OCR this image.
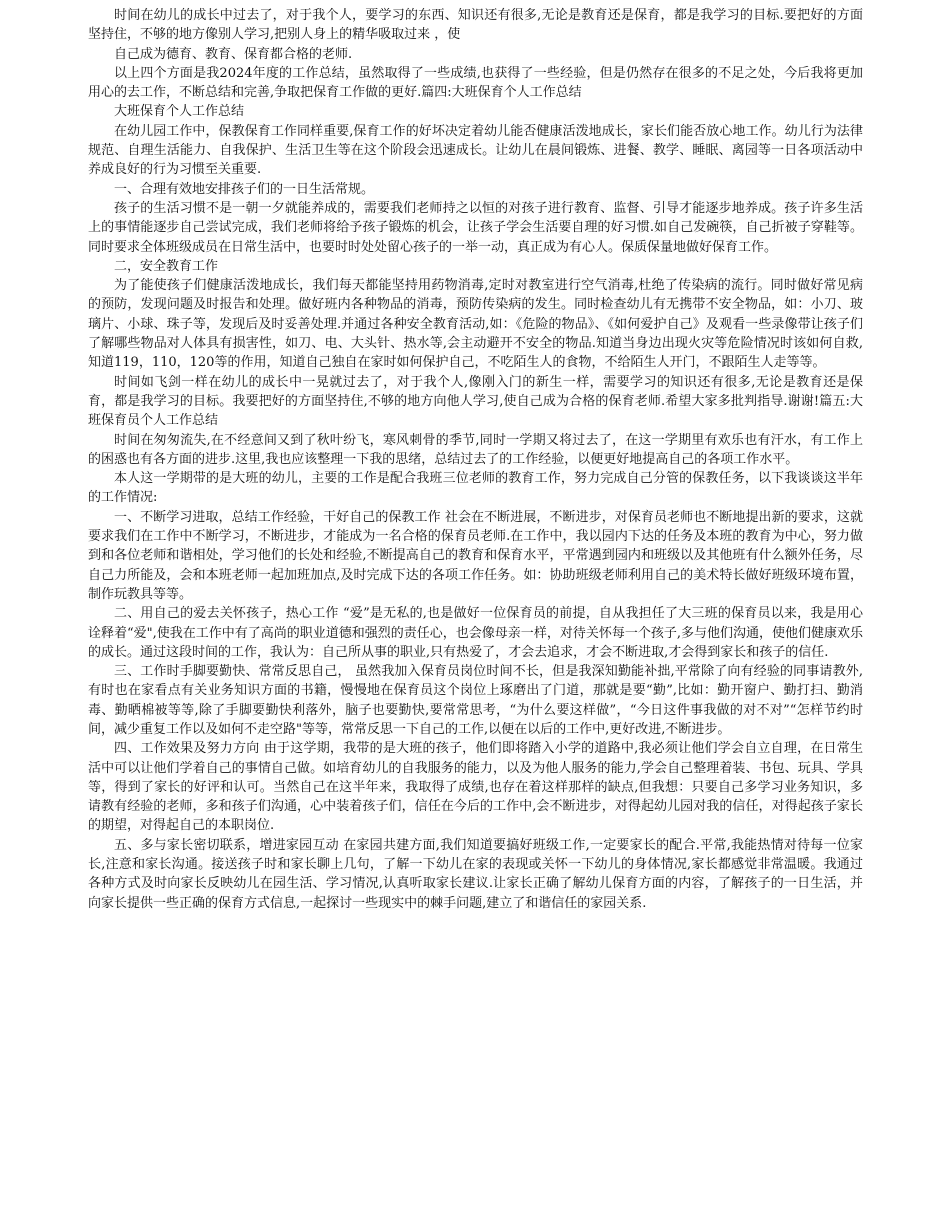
时间在幼儿的成长中过去了，对于我个人，要学习的东西、知识还有很多,无论是教育还是保育，都是我学习的目标.要把好的方面坚持住，不够的地方像别人学习,把别人身上的精华吸取过来 ，使

自己成为德育、教育、保育都合格的老师.

以上四个方面是我2024年度的工作总结，虽然取得了一些成绩,也获得了一些经验，但是仍然存在很多的不足之处，今后我将更加用心的去工作，不断总结和完善,争取把保育工作做的更好.篇四:大班保育个人工作总结

大班保育个人工作总结

在幼儿园工作中，保教保育工作同样重要,保育工作的好坏决定着幼儿能否健康活泼地成长，家长们能否放心地工作。幼儿行为法律规范、自理生活能力、自我保护、生活卫生等在这个阶段会迅速成长。让幼儿在晨间锻炼、进餐、教学、睡眠、离园等一日各项活动中养成良好的行为习惯至关重要.

一、合理有效地安排孩子们的一日生活常规。

孩子的生活习惯不是一朝一夕就能养成的，需要我们老师持之以恒的对孩子进行教育、监督、引导才能逐步地养成。孩子许多生活上的事情能逐步自己尝试完成，我们老师将给予孩子锻炼的机会，让孩子学会生活要自理的好习惯.如自己发碗筷，自己折被子穿鞋等。同时要求全体班级成员在日常生活中，也要时时处处留心孩子的一举一动，真正成为有心人。保质保量地做好保育工作。

二，安全教育工作

为了能使孩子们健康活泼地成长，我们每天都能坚持用药物消毒,定时对教室进行空气消毒,杜绝了传染病的流行。同时做好常见病的预防，发现问题及时报告和处理。做好班内各种物品的消毒，预防传染病的发生。同时检查幼儿有无携带不安全物品，如：小刀、玻璃片、小球、珠子等，发现后及时妥善处理.并通过各种安全教育活动,如：《危险的物品》、《如何爱护自己》及观看一些录像带让孩子们了解哪些物品对人体具有损害性，如刀、电、大头针、热水等,会主动避开不安全的物品.知道当身边出现火灾等危险情况时该如何自救,知道119，110，120等的作用，知道自己独自在家时如何保护自己，不吃陌生人的食物，不给陌生人开门，不跟陌生人走等等。

时间如飞剑一样在幼儿的成长中一晃就过去了，对于我个人,像刚入门的新生一样，需要学习的知识还有很多,无论是教育还是保育，都是我学习的目标。我要把好的方面坚持住,不够的地方向他人学习,使自己成为合格的保育老师.希望大家多批判指导.谢谢!篇五:大班保育员个人工作总结

时间在匆匆流失,在不经意间又到了秋叶纷飞，寒风刺骨的季节,同时一学期又将过去了，在这一学期里有欢乐也有汗水，有工作上的困惑也有各方面的进步.这里,我也应该整理一下我的思绪，总结过去了的工作经验，以便更好地提高自己的各项工作水平。

本人这一学期带的是大班的幼儿，主要的工作是配合我班三位老师的教育工作，努力完成自己分管的保教任务，以下我谈谈这半年的工作情况:

一、不断学习进取，总结工作经验，干好自己的保教工作 社会在不断进展，不断进步，对保育员老师也不断地提出新的要求，这就要求我们在工作中不断学习，不断进步，才能成为一名合格的保育员老师.在工作中，我以园内下达的任务及本班的教育为中心，努力做到和各位老师和谐相处，学习他们的长处和经验,不断提高自己的教育和保育水平，平常遇到园内和班级以及其他班有什么额外任务，尽自己力所能及，会和本班老师一起加班加点,及时完成下达的各项工作任务。如：协助班级老师利用自己的美术特长做好班级环境布置，制作玩教具等等。

二、用自己的爱去关怀孩子，热心工作 “爱”是无私的,也是做好一位保育员的前提，自从我担任了大三班的保育员以来，我是用心诠释着“爱",使我在工作中有了高尚的职业道德和强烈的责任心，也会像母亲一样，对待关怀每一个孩子,多与他们沟通，使他们健康欢乐的成长。通过这段时间的工作，我认为：自己所从事的职业,只有热爱了，才会去追求，才会不断进取,才会得到家长和孩子的信任.

三、工作时手脚要勤快、常常反思自己， 虽然我加入保育员岗位时间不长，但是我深知勤能补拙,平常除了向有经验的同事请教外,有时也在家看点有关业务知识方面的书籍，慢慢地在保育员这个岗位上琢磨出了门道，那就是要“勤”,比如：勤开窗户、勤打扫、勤消毒、勤晒棉被等等,除了手脚要勤快利落外，脑子也要勤快,要常常思考，“为什么要这样做”，“今日这件事我做的对不对”“怎样节约时间，减少重复工作以及如何不走空路"等等，常常反思一下自己的工作,以便在以后的工作中,更好改进,不断进步。

四、工作效果及努力方向 由于这学期，我带的是大班的孩子，他们即将踏入小学的道路中,我必须让他们学会自立自理，在日常生活中可以让他们学着自己的事情自己做。如培育幼儿的自我服务的能力，以及为他人服务的能力,学会自己整理着装、书包、玩具、学具等，得到了家长的好评和认可。当然自己在这半年来，我取得了成绩,也存在着这样那样的缺点,但我想：只要自己多学习业务知识，多请教有经验的老师，多和孩子们沟通，心中装着孩子们，信任在今后的工作中,会不断进步，对得起幼儿园对我的信任，对得起孩子家长的期望，对得起自己的本职岗位.

五、多与家长密切联系，增进家园互动 在家园共建方面,我们知道要搞好班级工作,一定要家长的配合.平常,我能热情对待每一位家长,注意和家长沟通。接送孩子时和家长聊上几句，了解一下幼儿在家的表现或关怀一下幼儿的身体情况,家长都感觉非常温暖。我通过各种方式及时向家长反映幼儿在园生活、学习情况,认真听取家长建议.让家长正确了解幼儿保育方面的内容，了解孩子的一日生活，并向家长提供一些正确的保育方式信息,一起探讨一些现实中的棘手问题,建立了和谐信任的家园关系.
